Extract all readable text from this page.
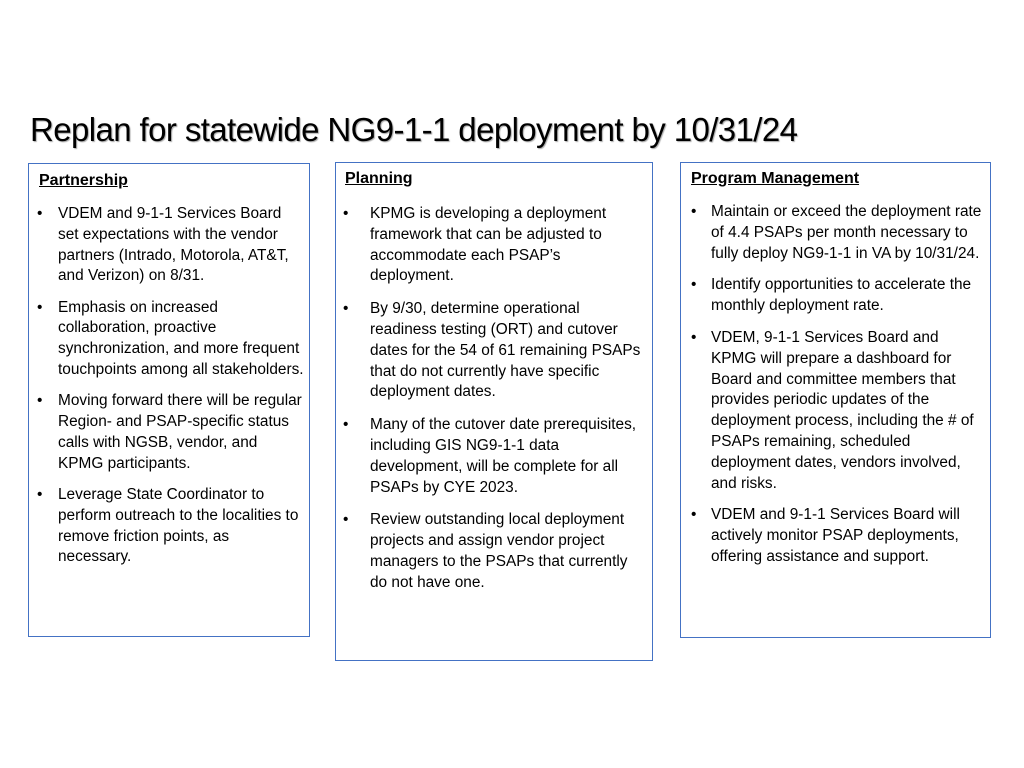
Replan for statewide NG9-1-1 deployment by 10/31/24
Partnership
• VDEM and 9-1-1 Services Board set expectations with the vendor partners (Intrado, Motorola, AT&T, and Verizon) on 8/31.
• Emphasis on increased collaboration, proactive synchronization, and more frequent touchpoints among all stakeholders.
• Moving forward there will be regular Region- and PSAP-specific status calls with NGSB, vendor, and KPMG participants.
• Leverage State Coordinator to perform outreach to the localities to remove friction points, as necessary.
Planning
• KPMG is developing a deployment framework that can be adjusted to accommodate each PSAP’s deployment.
• By 9/30, determine operational readiness testing (ORT) and cutover dates for the 54 of 61 remaining PSAPs that do not currently have specific deployment dates.
• Many of the cutover date prerequisites, including GIS NG9-1-1 data development, will be complete for all PSAPs by CYE 2023.
• Review outstanding local deployment projects and assign vendor project managers to the PSAPs that currently do not have one.
Program Management
• Maintain or exceed the deployment rate of 4.4 PSAPs per month necessary to fully deploy NG9-1-1 in VA by 10/31/24.
• Identify opportunities to accelerate the monthly deployment rate.
• VDEM, 9-1-1 Services Board and KPMG will prepare a dashboard for Board and committee members that provides periodic updates of the deployment process, including the # of PSAPs remaining, scheduled deployment dates, vendors involved, and risks.
• VDEM and 9-1-1 Services Board will actively monitor PSAP deployments, offering assistance and support.
